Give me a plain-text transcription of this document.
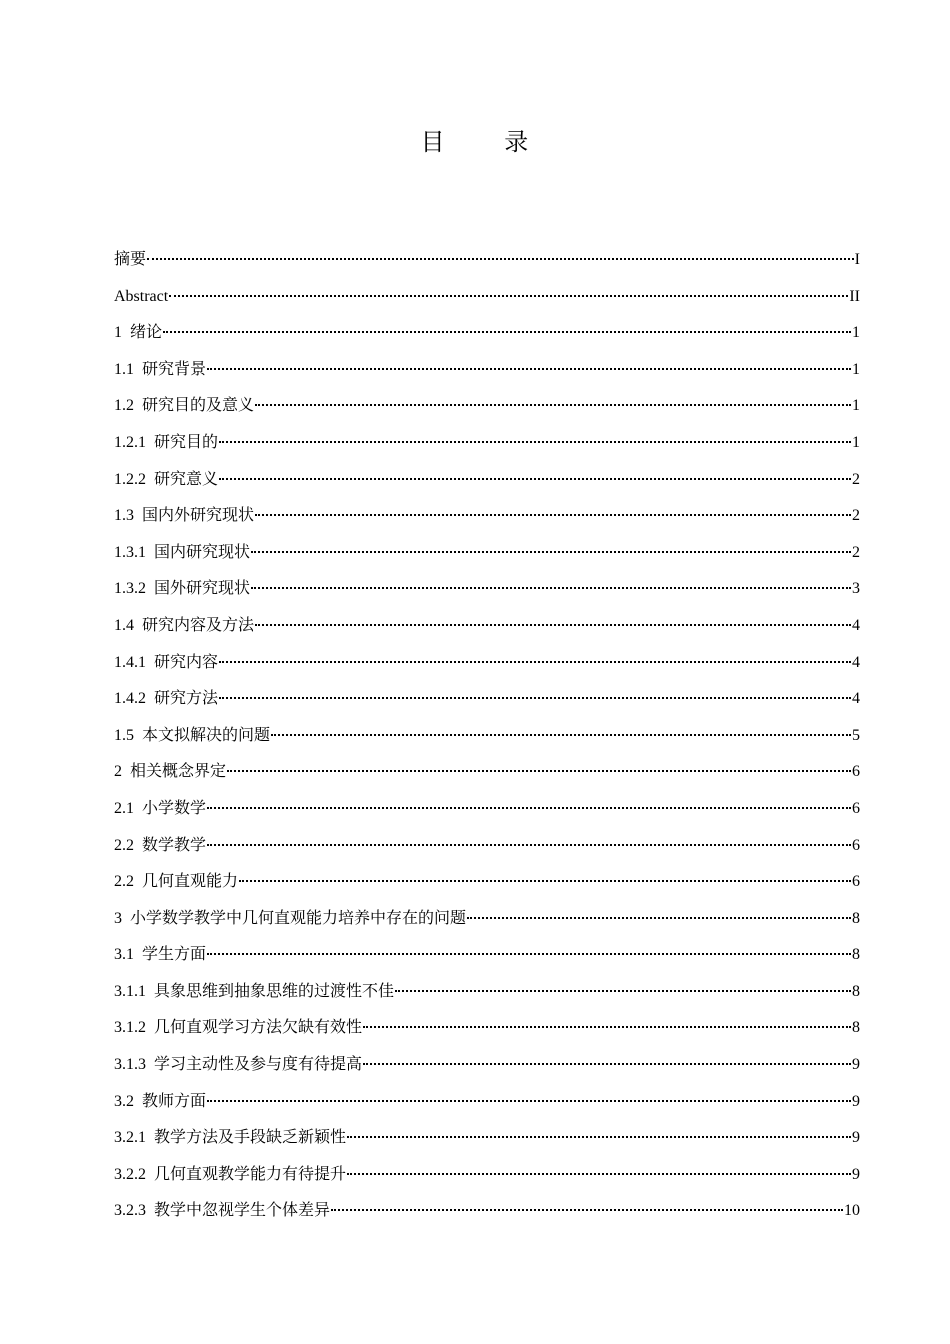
目 录
摘要	I
Abstract	II
1 绪论	1
1.1 研究背景	1
1.2 研究目的及意义	1
1.2.1 研究目的	1
1.2.2 研究意义	2
1.3 国内外研究现状	2
1.3.1 国内研究现状	2
1.3.2 国外研究现状	3
1.4 研究内容及方法	4
1.4.1 研究内容	4
1.4.2 研究方法	4
1.5 本文拟解决的问题	5
2 相关概念界定	6
2.1 小学数学	6
2.2 数学教学	6
2.2 几何直观能力	6
3 小学数学教学中几何直观能力培养中存在的问题	8
3.1 学生方面	8
3.1.1 具象思维到抽象思维的过渡性不佳	8
3.1.2 几何直观学习方法欠缺有效性	8
3.1.3 学习主动性及参与度有待提高	9
3.2 教师方面	9
3.2.1 教学方法及手段缺乏新颖性	9
3.2.2 几何直观教学能力有待提升	9
3.2.3 教学中忽视学生个体差异	10
